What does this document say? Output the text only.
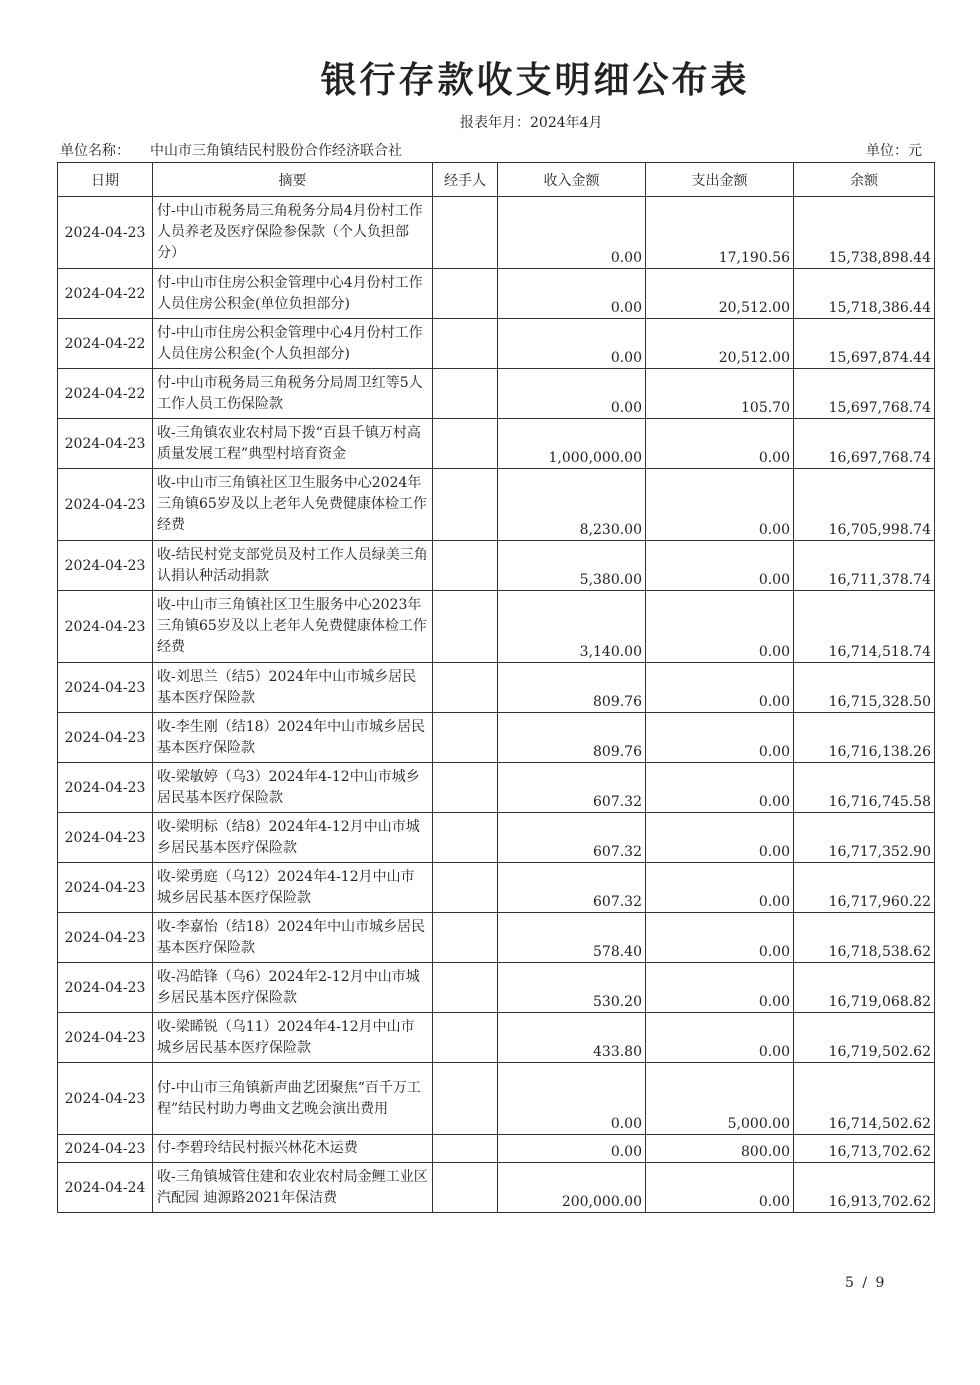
银行存款收支明细公布表
报表年月：2024年4月
单位名称： 中山市三角镇结民村股份合作经济联合社	单位：元
日期	摘要	经手人	收入金额	支出金额	余额
2024-04-23	付-中山市税务局三角税务分局4月份村工作人员养老及医疗保险参保款（个人负担部分）		0.00	17,190.56	15,738,898.44
2024-04-22	付-中山市住房公积金管理中心4月份村工作人员住房公积金(单位负担部分)		0.00	20,512.00	15,718,386.44
2024-04-22	付-中山市住房公积金管理中心4月份村工作人员住房公积金(个人负担部分)		0.00	20,512.00	15,697,874.44
2024-04-22	付-中山市税务局三角税务分局周卫红等5人工作人员工伤保险款		0.00	105.70	15,697,768.74
2024-04-23	收-三角镇农业农村局下拨“百县千镇万村高质量发展工程”典型村培育资金		1,000,000.00	0.00	16,697,768.74
2024-04-23	收-中山市三角镇社区卫生服务中心2024年三角镇65岁及以上老年人免费健康体检工作经费		8,230.00	0.00	16,705,998.74
2024-04-23	收-结民村党支部党员及村工作人员绿美三角认捐认种活动捐款		5,380.00	0.00	16,711,378.74
2024-04-23	收-中山市三角镇社区卫生服务中心2023年三角镇65岁及以上老年人免费健康体检工作经费		3,140.00	0.00	16,714,518.74
2024-04-23	收-刘思兰（结5）2024年中山市城乡居民基本医疗保险款		809.76	0.00	16,715,328.50
2024-04-23	收-李生刚（结18）2024年中山市城乡居民基本医疗保险款		809.76	0.00	16,716,138.26
2024-04-23	收-梁敏婷（乌3）2024年4-12中山市城乡居民基本医疗保险款		607.32	0.00	16,716,745.58
2024-04-23	收-梁明标（结8）2024年4-12月中山市城乡居民基本医疗保险款		607.32	0.00	16,717,352.90
2024-04-23	收-梁勇庭（乌12）2024年4-12月中山市城乡居民基本医疗保险款		607.32	0.00	16,717,960.22
2024-04-23	收-李嘉怡（结18）2024年中山市城乡居民基本医疗保险款		578.40	0.00	16,718,538.62
2024-04-23	收-冯皓锋（乌6）2024年2-12月中山市城乡居民基本医疗保险款		530.20	0.00	16,719,068.82
2024-04-23	收-梁睎锐（乌11）2024年4-12月中山市城乡居民基本医疗保险款		433.80	0.00	16,719,502.62
2024-04-23	付-中山市三角镇新声曲艺团聚焦“百千万工程”结民村助力粤曲文艺晚会演出费用		0.00	5,000.00	16,714,502.62
2024-04-23	付-李碧玲结民村振兴林花木运费		0.00	800.00	16,713,702.62
2024-04-24	收-三角镇城管住建和农业农村局金鲤工业区汽配园 迪源路2021年保洁费		200,000.00	0.00	16,913,702.62
5 / 9
